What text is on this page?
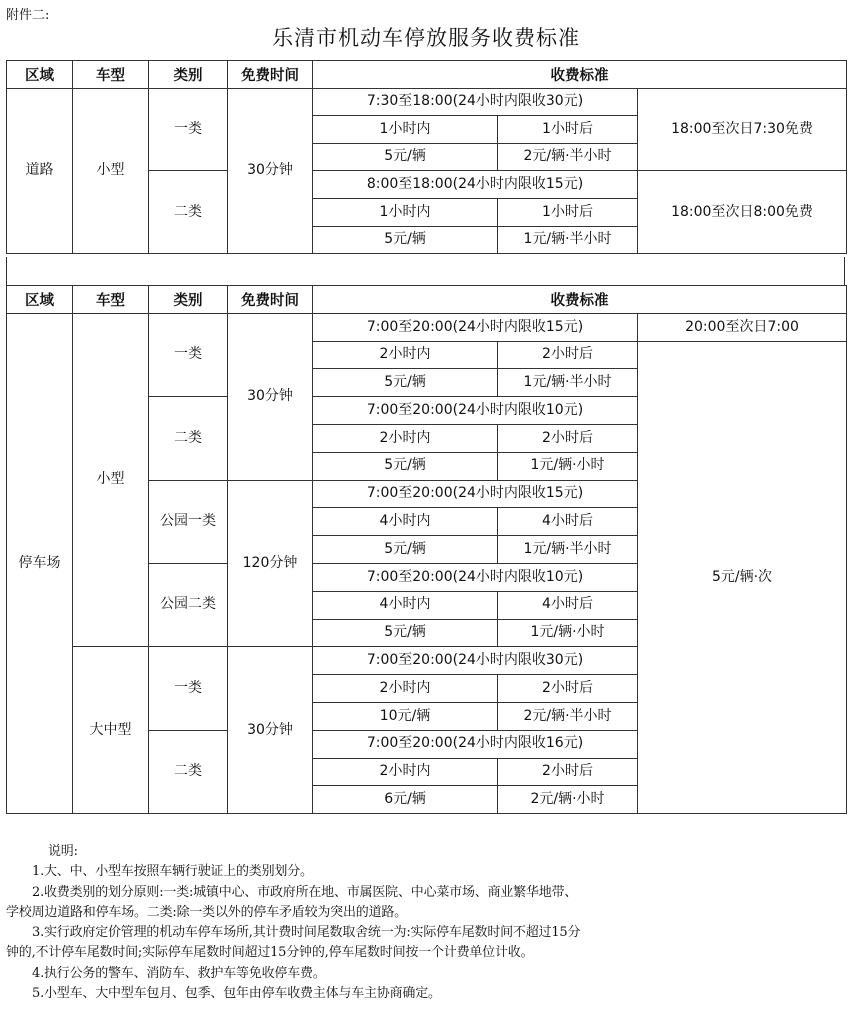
附件二:
乐清市机动车停放服务收费标准
区域	车型	类别	免费时间	收费标准		
道路	小型	一类	30分钟	7:30至18:00(24小时内限收30元)		18:00至次日7:30免费
				1小时内	1小时后	
				5元/辆	2元/辆·半小时	
		二类		8:00至18:00(24小时内限收15元)		18:00至次日8:00免费
				1小时内	1小时后	
				5元/辆	1元/辆·半小时	
区域	车型	类别	免费时间	收费标准		
停车场	小型	一类	30分钟	7:00至20:00(24小时内限收15元)		20:00至次日7:00
				2小时内	2小时后	5元/辆·次
				5元/辆	1元/辆·半小时	
		二类		7:00至20:00(24小时内限收10元)		
				2小时内	2小时后	
				5元/辆	1元/辆·小时	
		公园一类	120分钟	7:00至20:00(24小时内限收15元)		
				4小时内	4小时后	
				5元/辆	1元/辆·半小时	
		公园二类		7:00至20:00(24小时内限收10元)		
				4小时内	4小时后	
				5元/辆	1元/辆·小时	
	大中型	一类	30分钟	7:00至20:00(24小时内限收30元)		
				2小时内	2小时后	
				10元/辆	2元/辆·半小时	
		二类		7:00至20:00(24小时内限收16元)		
				2小时内	2小时后	
				6元/辆	2元/辆·小时	

说明:

1.大、中、小型车按照车辆行驶证上的类别划分。

2.收费类别的划分原则:一类:城镇中心、市政府所在地、市属医院、中心菜市场、商业繁华地带、

学校周边道路和停车场。二类:除一类以外的停车矛盾较为突出的道路。

3.实行政府定价管理的机动车停车场所,其计费时间尾数取舍统一为:实际停车尾数时间不超过15分

钟的,不计停车尾数时间;实际停车尾数时间超过15分钟的,停车尾数时间按一个计费单位计收。

4.执行公务的警车、消防车、救护车等免收停车费。

5.小型车、大中型车包月、包季、包年由停车收费主体与车主协商确定。
